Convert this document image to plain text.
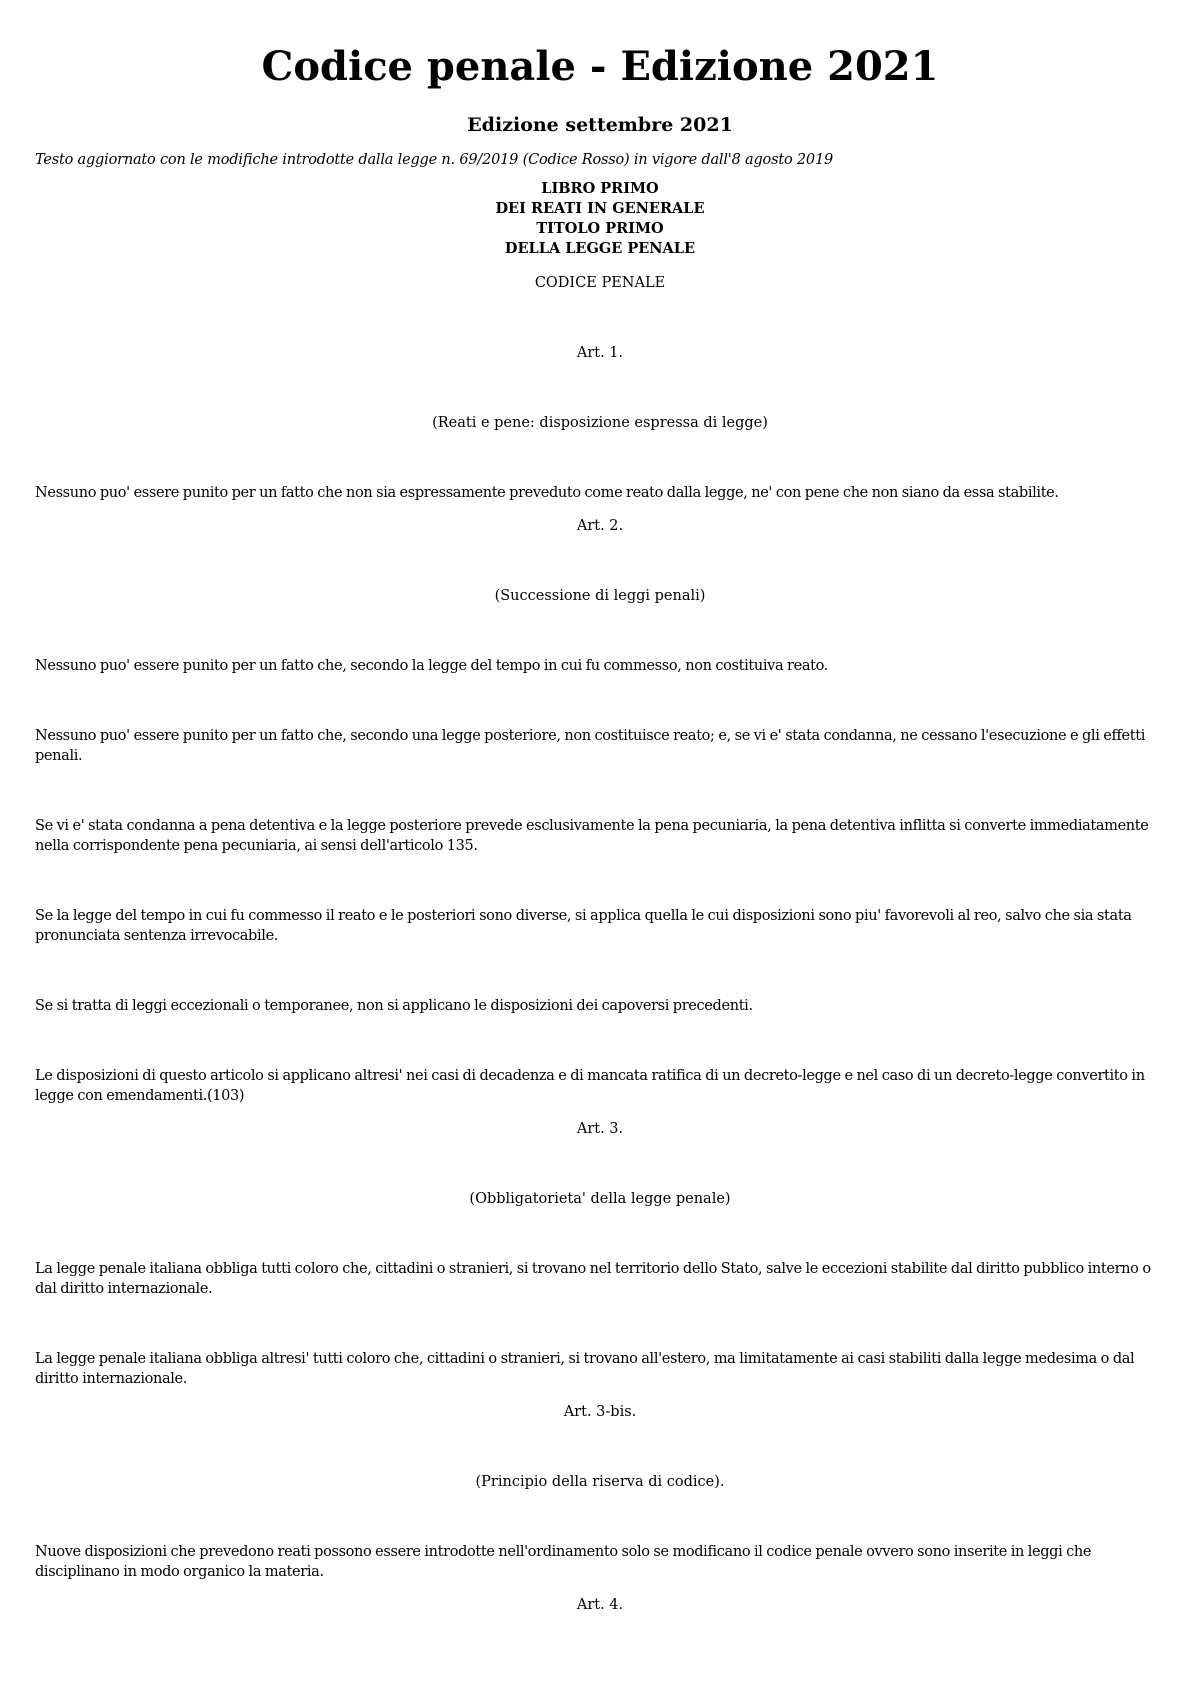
Codice penale - Edizione 2021
Edizione settembre 2021
Testo aggiornato con le modifiche introdotte dalla legge n. 69/2019 (Codice Rosso) in vigore dall'8 agosto 2019
LIBRO PRIMO
DEI REATI IN GENERALE
TITOLO PRIMO
DELLA LEGGE PENALE
CODICE PENALE
Art. 1.
(Reati e pene: disposizione espressa di legge)
Nessuno puo' essere punito per un fatto che non sia espressamente preveduto come reato dalla legge, ne' con pene che non siano da essa stabilite.
Art. 2.
(Successione di leggi penali)
Nessuno puo' essere punito per un fatto che, secondo la legge del tempo in cui fu commesso, non costituiva reato.
Nessuno puo' essere punito per un fatto che, secondo una legge posteriore, non costituisce reato; e, se vi e' stata condanna, ne cessano l'esecuzione e gli effetti penali.
Se vi e' stata condanna a pena detentiva e la legge posteriore prevede esclusivamente la pena pecuniaria, la pena detentiva inflitta si converte immediatamente nella corrispondente pena pecuniaria, ai sensi dell'articolo 135.
Se la legge del tempo in cui fu commesso il reato e le posteriori sono diverse, si applica quella le cui disposizioni sono piu' favorevoli al reo, salvo che sia stata pronunciata sentenza irrevocabile.
Se si tratta di leggi eccezionali o temporanee, non si applicano le disposizioni dei capoversi precedenti.
Le disposizioni di questo articolo si applicano altresi' nei casi di decadenza e di mancata ratifica di un decreto-legge e nel caso di un decreto-legge convertito in legge con emendamenti.(103)
Art. 3.
(Obbligatorieta' della legge penale)
La legge penale italiana obbliga tutti coloro che, cittadini o stranieri, si trovano nel territorio dello Stato, salve le eccezioni stabilite dal diritto pubblico interno o dal diritto internazionale.
La legge penale italiana obbliga altresi' tutti coloro che, cittadini o stranieri, si trovano all'estero, ma limitatamente ai casi stabiliti dalla legge medesima o dal diritto internazionale.
Art. 3-bis.
(Principio della riserva di codice).
Nuove disposizioni che prevedono reati possono essere introdotte nell'ordinamento solo se modificano il codice penale ovvero sono inserite in leggi che disciplinano in modo organico la materia.
Art. 4.
